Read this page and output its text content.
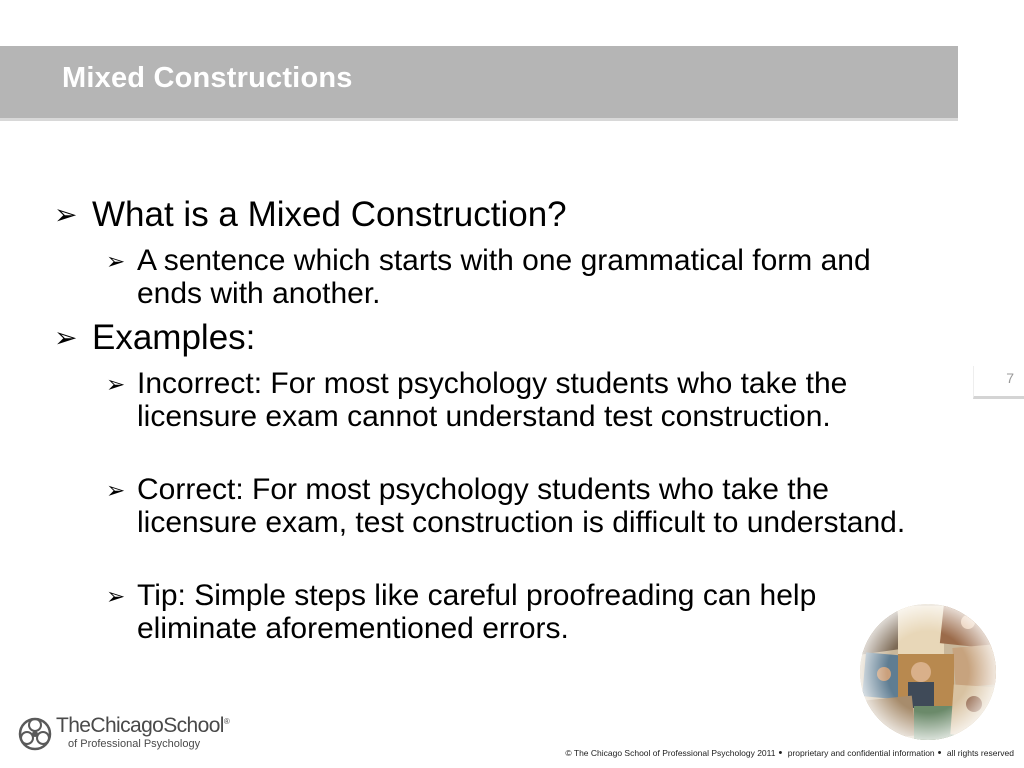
Mixed Constructions
➢ What is a Mixed Construction?
➢ A sentence which starts with one grammatical form and ends with another.
➢ Examples:
➢ Incorrect: For most psychology students who take the licensure exam cannot understand test construction.
➢ Correct: For most psychology students who take the licensure exam, test construction is difficult to understand.
➢ Tip: Simple steps like careful proofreading can help eliminate aforementioned errors.
7
TheChicagoSchool®
of Professional Psychology
© The Chicago School of Professional Psychology 2011 • proprietary and confidential information • all rights reserved
